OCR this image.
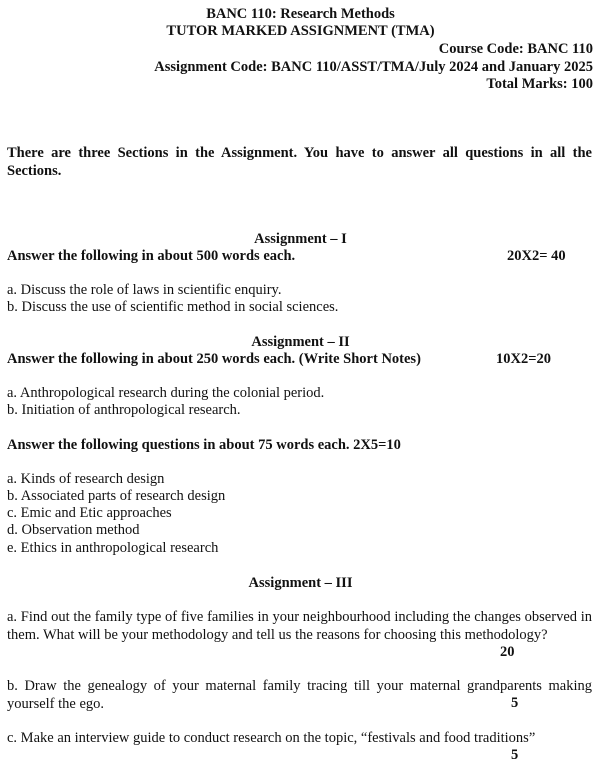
BANC 110: Research Methods
TUTOR MARKED ASSIGNMENT (TMA)
Course Code: BANC 110
Assignment Code: BANC 110/ASST/TMA/July 2024 and January 2025
Total Marks: 100
There are three Sections in the Assignment. You have to answer all questions in all the Sections.
Assignment – I
Answer the following in about 500 words each.	20X2= 40
a. Discuss the role of laws in scientific enquiry.
b. Discuss the use of scientific method in social sciences.
Assignment – II
Answer the following in about 250 words each. (Write Short Notes)	10X2=20
a. Anthropological research during the colonial period.
b. Initiation of anthropological research.
Answer the following questions in about 75 words each. 2X5=10
a. Kinds of research design
b. Associated parts of research design
c. Emic and Etic approaches
d. Observation method
e. Ethics in anthropological research
Assignment – III
a. Find out the family type of five families in your neighbourhood including the changes observed in them. What will be your methodology and tell us the reasons for choosing this methodology?
20
b. Draw the genealogy of your maternal family tracing till your maternal grandparents making yourself the ego.	5
c. Make an interview guide to conduct research on the topic, “festivals and food traditions”
5
